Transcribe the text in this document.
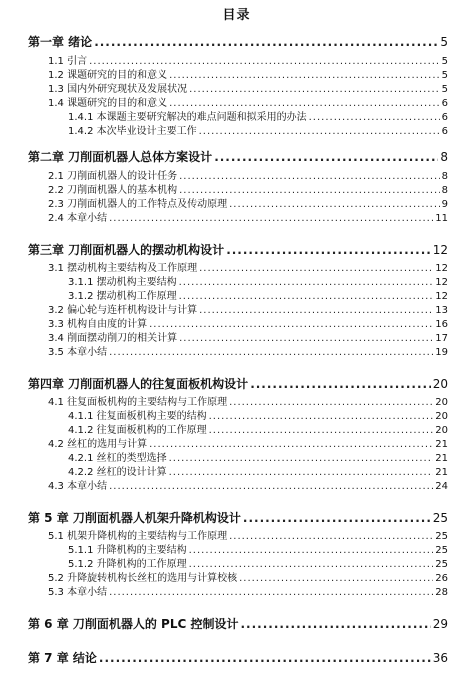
目录
第一章 绪论 .....	5
1.1 引言 .....	5
1.2 课题研究的目的和意义 .....	5
1.3 国内外研究现状及发展状况 .....	5
1.4 课题研究的目的和意义 .....	6
1.4.1 本课题主要研究解决的难点问题和拟采用的办法 .....	6
1.4.2 本次毕业设计主要工作 .....	6
第二章 刀削面机器人总体方案设计 .....	8
2.1 刀削面机器人的设计任务 .....	8
2.2 刀削面机器人的基本机构 .....	8
2.3 刀削面机器人的工作特点及传动原理 .....	9
2.4 本章小结 .....	11
第三章 刀削面机器人的摆动机构设计 .....	12
3.1 摆动机构主要结构及工作原理 .....	12
3.1.1 摆动机构主要结构 .....	12
3.1.2 摆动机构工作原理 .....	12
3.2 偏心轮与连杆机构设计与计算 .....	13
3.3 机构自由度的计算 .....	16
3.4 削面摆动削刀的相关计算 .....	17
3.5 本章小结 .....	19
第四章 刀削面机器人的往复面板机构设计 .....	20
4.1 往复面板机构的主要结构与工作原理 .....	20
4.1.1 往复面板机构主要的结构 .....	20
4.1.2 往复面板机构的工作原理 .....	20
4.2 丝杠的选用与计算 .....	21
4.2.1 丝杠的类型选择 .....	21
4.2.2 丝杠的设计计算 .....	21
4.3 本章小结 .....	24
第 5 章 刀削面机器人机架升降机构设计 .....	25
5.1 机架升降机构的主要结构与工作原理 .....	25
5.1.1 升降机构的主要结构 .....	25
5.1.2 升降机构的工作原理 .....	25
5.2 升降旋转机构长丝杠的选用与计算校核 .....	26
5.3 本章小结 .....	28
第 6 章 刀削面机器人的 PLC 控制设计 .....	29
第 7 章 结论 .....	36
